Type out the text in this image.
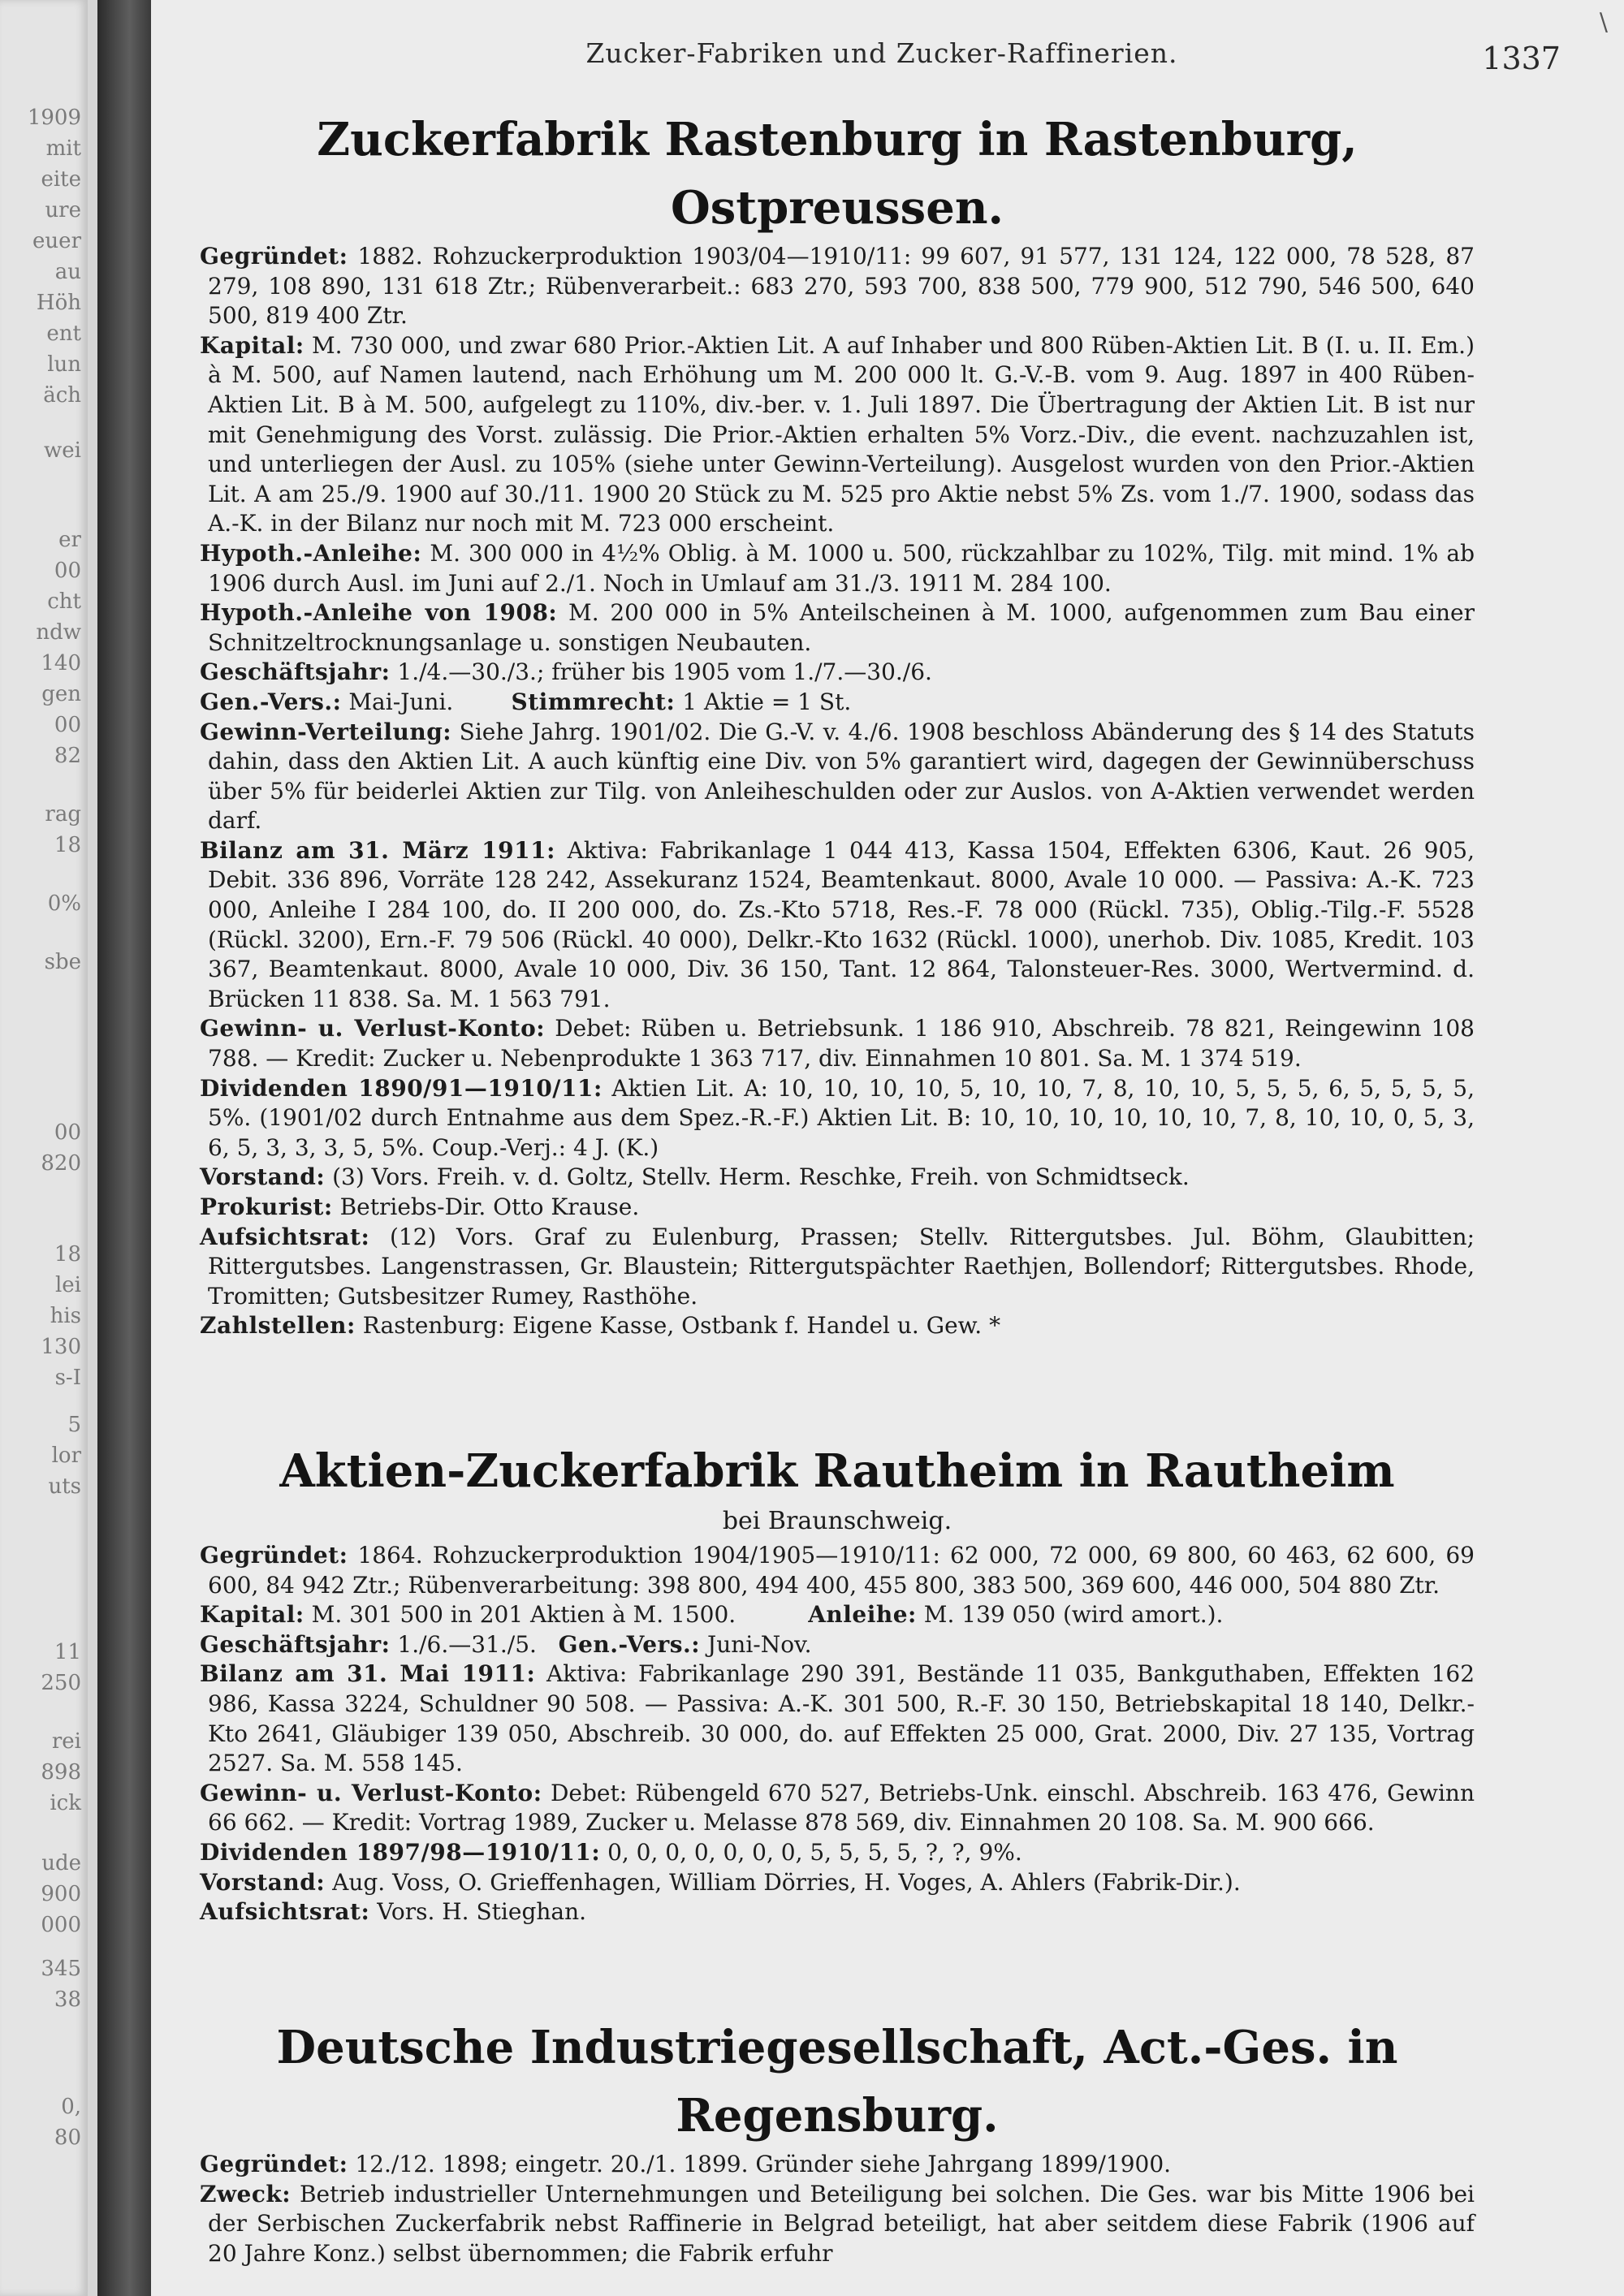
1909
mit
eite
ure
euer
au
Höh
ent
lun
äch
wei
er
00
cht
ndw
140
gen
00
82
rag
18
0%
sbe
00
820
18
lei
his
130
s-I
5
lor
uts
11
250
rei
898
ick
ude
900
000
345
38
0,
80
\
Zucker-Fabriken und Zucker-Raffinerien.	1337
Zuckerfabrik Rastenburg in Rastenburg, Ostpreussen.

Gegründet: 1882. Rohzuckerproduktion 1903/04—1910/11: 99 607, 91 577, 131 124, 122 000, 78 528, 87 279, 108 890, 131 618 Ztr.; Rübenverarbeit.: 683 270, 593 700, 838 500, 779 900, 512 790, 546 500, 640 500, 819 400 Ztr.

Kapital: M. 730 000, und zwar 680 Prior.-Aktien Lit. A auf Inhaber und 800 Rüben-Aktien Lit. B (I. u. II. Em.) à M. 500, auf Namen lautend, nach Erhöhung um M. 200 000 lt. G.-V.-B. vom 9. Aug. 1897 in 400 Rüben-Aktien Lit. B à M. 500, aufgelegt zu 110%, div.-ber. v. 1. Juli 1897. Die Übertragung der Aktien Lit. B ist nur mit Genehmigung des Vorst. zulässig. Die Prior.-Aktien erhalten 5% Vorz.-Div., die event. nachzuzahlen ist, und unterliegen der Ausl. zu 105% (siehe unter Gewinn-Verteilung). Ausgelost wurden von den Prior.-Aktien Lit. A am 25./9. 1900 auf 30./11. 1900 20 Stück zu M. 525 pro Aktie nebst 5% Zs. vom 1./7. 1900, sodass das A.-K. in der Bilanz nur noch mit M. 723 000 erscheint.

Hypoth.-Anleihe: M. 300 000 in 4½% Oblig. à M. 1000 u. 500, rückzahlbar zu 102%, Tilg. mit mind. 1% ab 1906 durch Ausl. im Juni auf 2./1. Noch in Umlauf am 31./3. 1911 M. 284 100.

Hypoth.-Anleihe von 1908: M. 200 000 in 5% Anteilscheinen à M. 1000, aufgenommen zum Bau einer Schnitzeltrocknungsanlage u. sonstigen Neubauten.

Geschäftsjahr: 1./4.—30./3.; früher bis 1905 vom 1./7.—30./6.

Gen.-Vers.: Mai-Juni.	Stimmrecht: 1 Aktie = 1 St.

Gewinn-Verteilung: Siehe Jahrg. 1901/02. Die G.-V. v. 4./6. 1908 beschloss Abänderung des § 14 des Statuts dahin, dass den Aktien Lit. A auch künftig eine Div. von 5% garantiert wird, dagegen der Gewinnüberschuss über 5% für beiderlei Aktien zur Tilg. von Anleiheschulden oder zur Auslos. von A-Aktien verwendet werden darf.

Bilanz am 31. März 1911: Aktiva: Fabrikanlage 1 044 413, Kassa 1504, Effekten 6306, Kaut. 26 905, Debit. 336 896, Vorräte 128 242, Assekuranz 1524, Beamtenkaut. 8000, Avale 10 000. — Passiva: A.-K. 723 000, Anleihe I 284 100, do. II 200 000, do. Zs.-Kto 5718, Res.-F. 78 000 (Rückl. 735), Oblig.-Tilg.-F. 5528 (Rückl. 3200), Ern.-F. 79 506 (Rückl. 40 000), Delkr.-Kto 1632 (Rückl. 1000), unerhob. Div. 1085, Kredit. 103 367, Beamtenkaut. 8000, Avale 10 000, Div. 36 150, Tant. 12 864, Talonsteuer-Res. 3000, Wertvermind. d. Brücken 11 838. Sa. M. 1 563 791.

Gewinn- u. Verlust-Konto: Debet: Rüben u. Betriebsunk. 1 186 910, Abschreib. 78 821, Reingewinn 108 788. — Kredit: Zucker u. Nebenprodukte 1 363 717, div. Einnahmen 10 801. Sa. M. 1 374 519.

Dividenden 1890/91—1910/11: Aktien Lit. A: 10, 10, 10, 10, 5, 10, 10, 7, 8, 10, 10, 5, 5, 5, 6, 5, 5, 5, 5, 5%. (1901/02 durch Entnahme aus dem Spez.-R.-F.) Aktien Lit. B: 10, 10, 10, 10, 10, 10, 7, 8, 10, 10, 0, 5, 3, 6, 5, 3, 3, 3, 5, 5%. Coup.-Verj.: 4 J. (K.)

Vorstand: (3) Vors. Freih. v. d. Goltz, Stellv. Herm. Reschke, Freih. von Schmidtseck.

Prokurist: Betriebs-Dir. Otto Krause.

Aufsichtsrat: (12) Vors. Graf zu Eulenburg, Prassen; Stellv. Rittergutsbes. Jul. Böhm, Glaubitten; Rittergutsbes. Langenstrassen, Gr. Blaustein; Rittergutspächter Raethjen, Bollendorf; Rittergutsbes. Rhode, Tromitten; Gutsbesitzer Rumey, Rasthöhe.

Zahlstellen: Rastenburg: Eigene Kasse, Ostbank f. Handel u. Gew. *

Aktien-Zuckerfabrik Rautheim in Rautheim
bei Braunschweig.

Gegründet: 1864. Rohzuckerproduktion 1904/1905—1910/11: 62 000, 72 000, 69 800, 60 463, 62 600, 69 600, 84 942 Ztr.; Rübenverarbeitung: 398 800, 494 400, 455 800, 383 500, 369 600, 446 000, 504 880 Ztr.

Kapital: M. 301 500 in 201 Aktien à M. 1500.	Anleihe: M. 139 050 (wird amort.).

Geschäftsjahr: 1./6.—31./5. Gen.-Vers.: Juni-Nov.

Bilanz am 31. Mai 1911: Aktiva: Fabrikanlage 290 391, Bestände 11 035, Bankguthaben, Effekten 162 986, Kassa 3224, Schuldner 90 508. — Passiva: A.-K. 301 500, R.-F. 30 150, Betriebskapital 18 140, Delkr.-Kto 2641, Gläubiger 139 050, Abschreib. 30 000, do. auf Effekten 25 000, Grat. 2000, Div. 27 135, Vortrag 2527. Sa. M. 558 145.

Gewinn- u. Verlust-Konto: Debet: Rübengeld 670 527, Betriebs-Unk. einschl. Abschreib. 163 476, Gewinn 66 662. — Kredit: Vortrag 1989, Zucker u. Melasse 878 569, div. Einnahmen 20 108. Sa. M. 900 666.

Dividenden 1897/98—1910/11: 0, 0, 0, 0, 0, 0, 0, 5, 5, 5, 5, ?, ?, 9%.

Vorstand: Aug. Voss, O. Grieffenhagen, William Dörries, H. Voges, A. Ahlers (Fabrik-Dir.).

Aufsichtsrat: Vors. H. Stieghan.

Deutsche Industriegesellschaft, Act.-Ges. in Regensburg.

Gegründet: 12./12. 1898; eingetr. 20./1. 1899. Gründer siehe Jahrgang 1899/1900.

Zweck: Betrieb industrieller Unternehmungen und Beteiligung bei solchen. Die Ges. war bis Mitte 1906 bei der Serbischen Zuckerfabrik nebst Raffinerie in Belgrad beteiligt, hat aber seitdem diese Fabrik (1906 auf 20 Jahre Konz.) selbst übernommen; die Fabrik erfuhr
